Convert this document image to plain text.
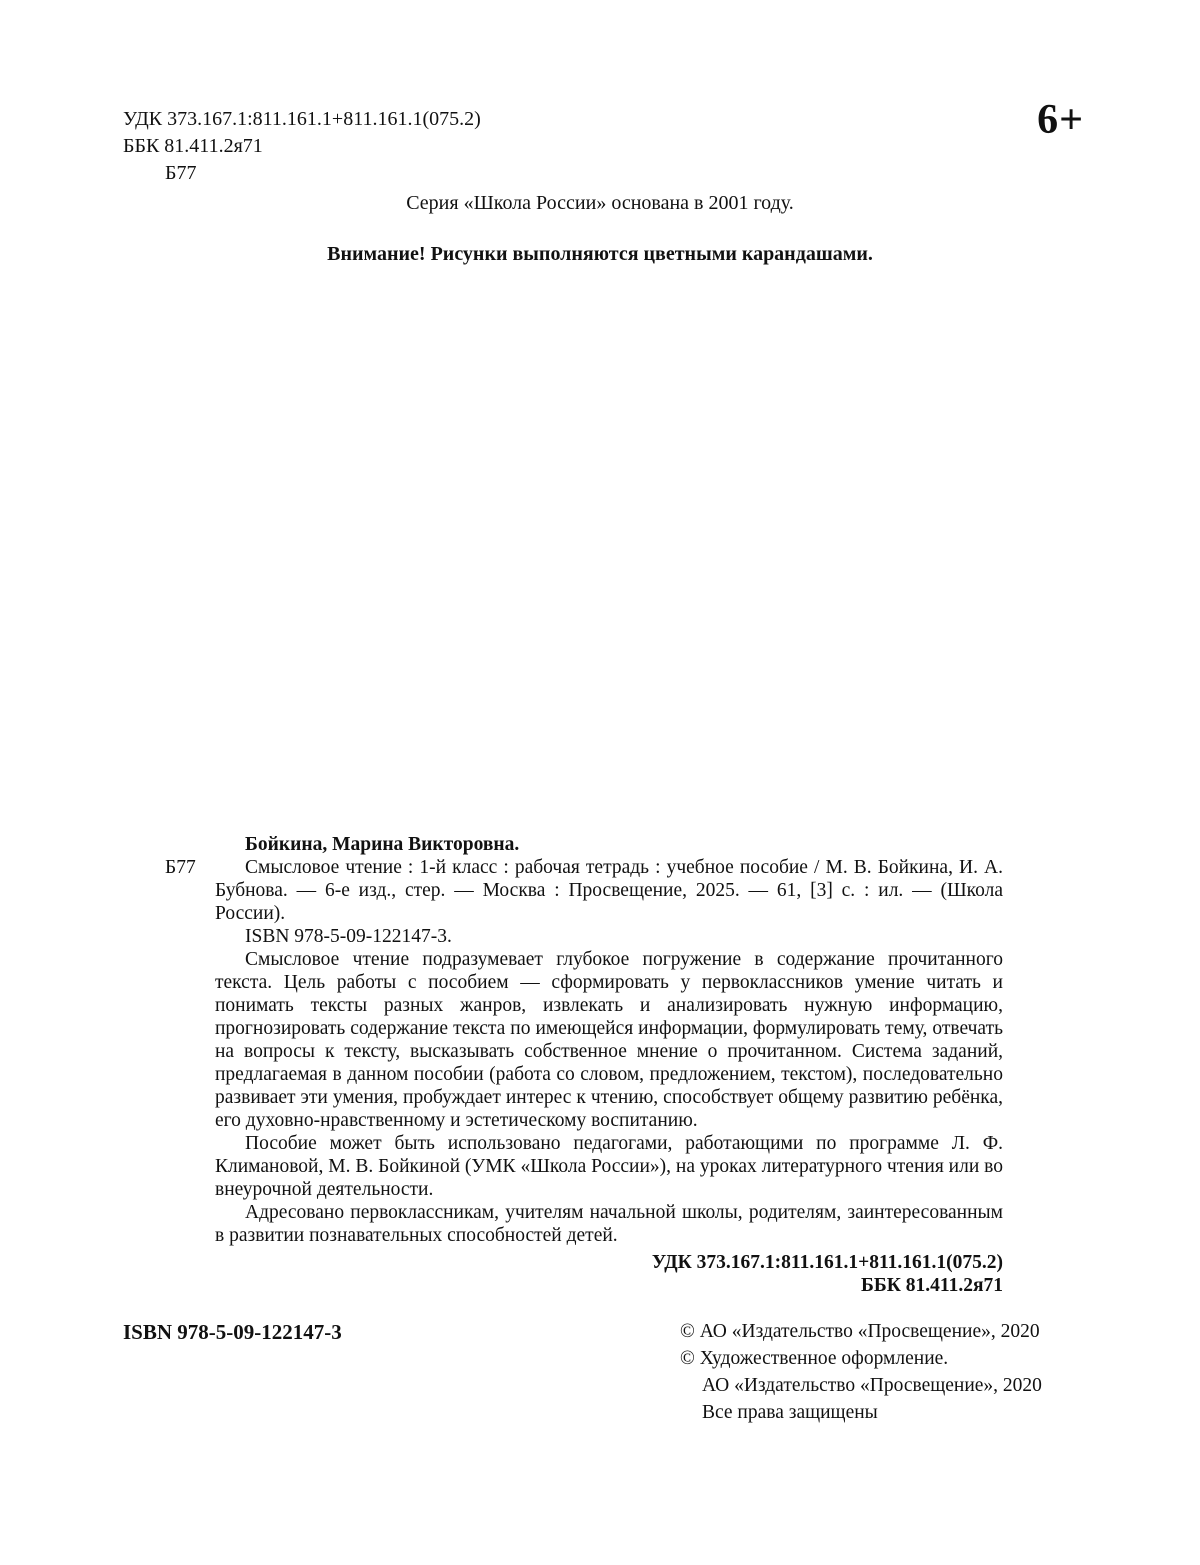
УДК 373.167.1:811.161.1+811.161.1(075.2)
ББК 81.411.2я71
Б77
6+
Серия «Школа России» основана в 2001 году.
Внимание! Рисунки выполняются цветными карандашами.

Бойкина, Марина Викторовна.

Б77	Смысловое чтение : 1-й класс : рабочая тетрадь : учебное пособие / М. В. Бойкина, И. А. Бубнова. — 6-е изд., стер. — Москва : Просвещение, 2025. — 61, [3] с. : ил. — (Школа России).

ISBN 978-5-09-122147-3.

Смысловое чтение подразумевает глубокое погружение в содержание прочитанного текста. Цель работы с пособием — сформировать у первоклассников умение читать и понимать тексты разных жанров, извлекать и анализировать нужную информацию, прогнозировать содержание текста по имеющейся информации, формулировать тему, отвечать на вопросы к тексту, высказывать собственное мнение о прочитанном. Система заданий, предлагаемая в данном пособии (работа со словом, предложением, текстом), последовательно развивает эти умения, пробуждает интерес к чтению, способствует общему развитию ребёнка, его духовно-нравственному и эстетическому воспитанию.

Пособие может быть использовано педагогами, работающими по программе Л. Ф. Климановой, М. В. Бойкиной (УМК «Школа России»), на уроках литературного чтения или во внеурочной деятельности.

Адресовано первоклассникам, учителям начальной школы, родителям, заинтересованным в развитии познавательных способностей детей.

УДК 373.167.1:811.161.1+811.161.1(075.2)
ББК 81.411.2я71
ISBN 978-5-09-122147-3	© АО «Издательство «Просвещение», 2020
© Художественное оформление.
АО «Издательство «Просвещение», 2020
Все права защищены
